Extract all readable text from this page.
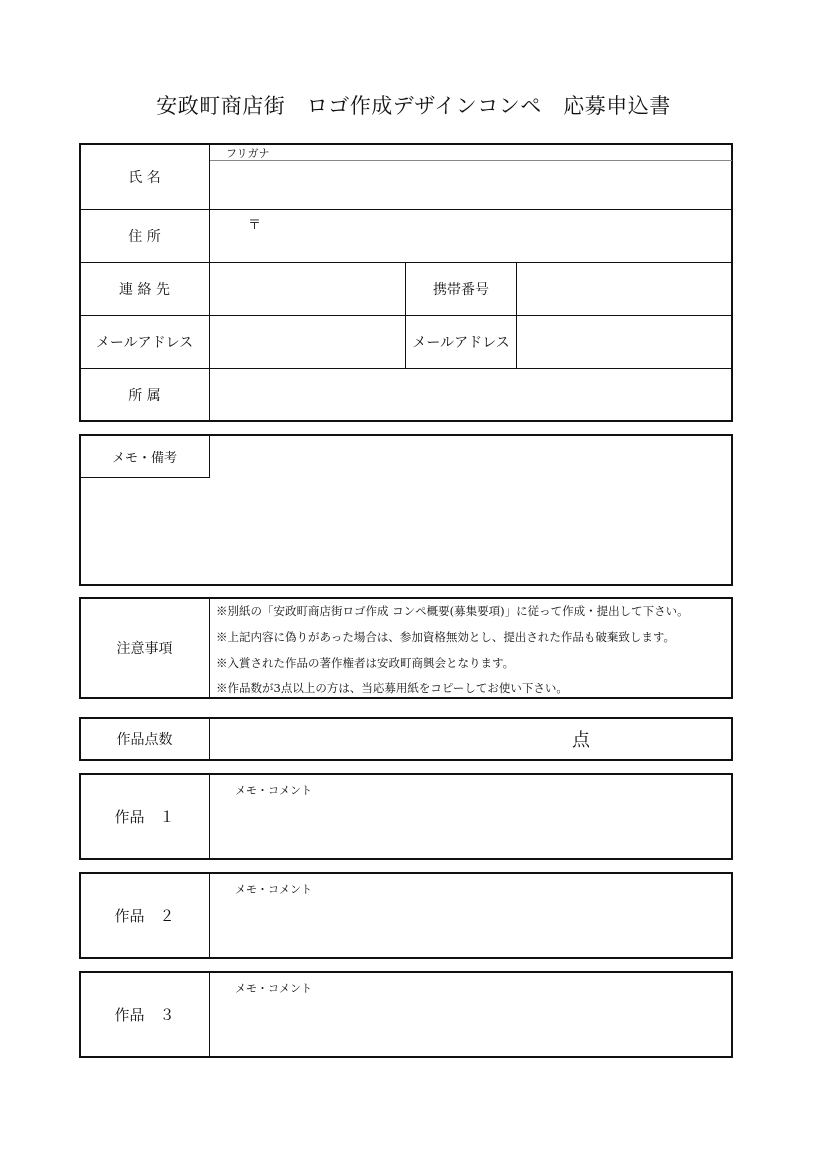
安政町商店街　ロゴ作成デザインコンペ　応募申込書
フリガナ
氏 名
住 所
〒
連 絡 先	携帯番号
メールアドレス	メールアドレス
所 属
メモ・備考
注意事項
※別紙の「安政町商店街ロゴ作成 コンペ概要(募集要項)」に従って作成・提出して下さい。
※上記内容に偽りがあった場合は、参加資格無効とし、提出された作品も破棄致します。
※入賞された作品の著作権者は安政町商興会となります。
※作品数が3点以上の方は、当応募用紙をコピーしてお使い下さい。
作品点数	点
作品　１
メモ・コメント
作品　２
メモ・コメント
作品　３
メモ・コメント
